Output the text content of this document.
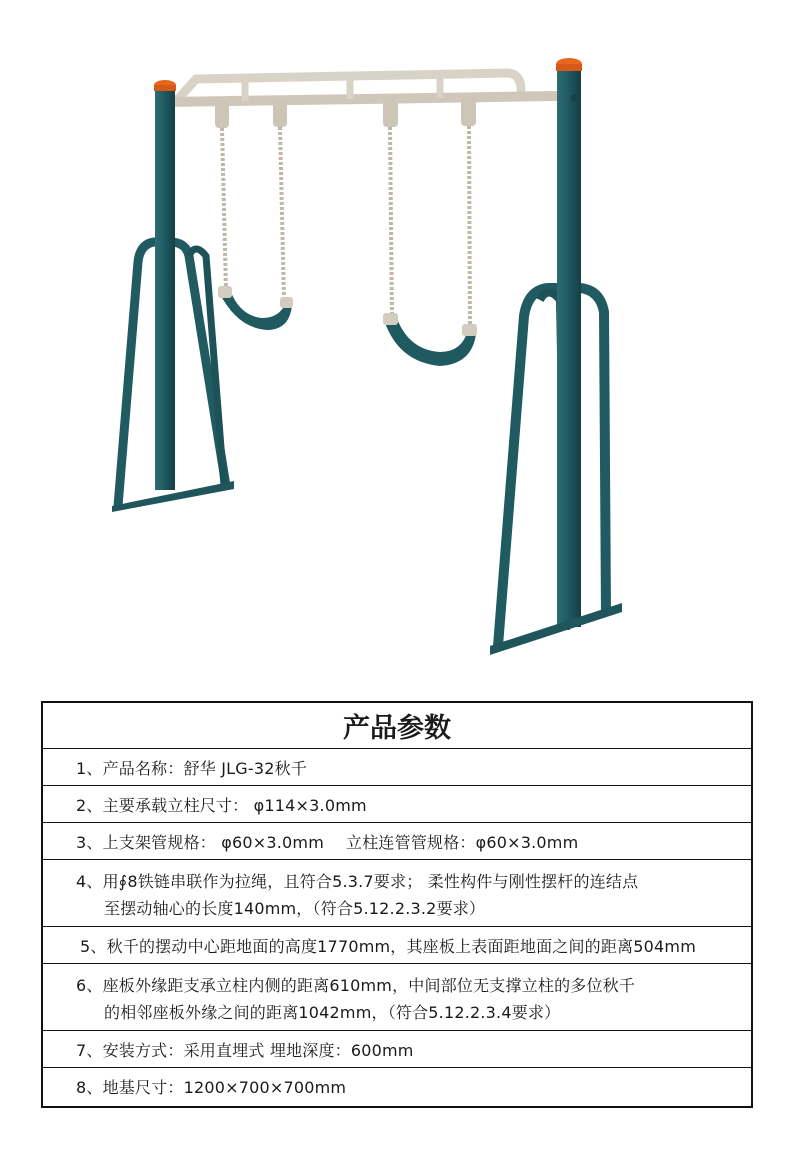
产品参数
1、产品名称：舒华 JLG-32秋千
2、主要承载立柱尺寸： φ114×3.0mm
3、上支架管规格： φ60×3.0mm 立柱连管管规格：φ60×3.0mm
4、用∮8铁链串联作为拉绳，且符合5.3.7要求； 柔性构件与刚性摆杆的连结点
至摆动轴心的长度140mm，（符合5.12.2.3.2要求）
5、秋千的摆动中心距地面的高度1770mm，其座板上表面距地面之间的距离504mm
6、座板外缘距支承立柱内侧的距离610mm，中间部位无支撑立柱的多位秋千
的相邻座板外缘之间的距离1042mm，（符合5.12.2.3.4要求）
7、安装方式：采用直埋式 埋地深度：600mm
8、地基尺寸：1200×700×700mm
